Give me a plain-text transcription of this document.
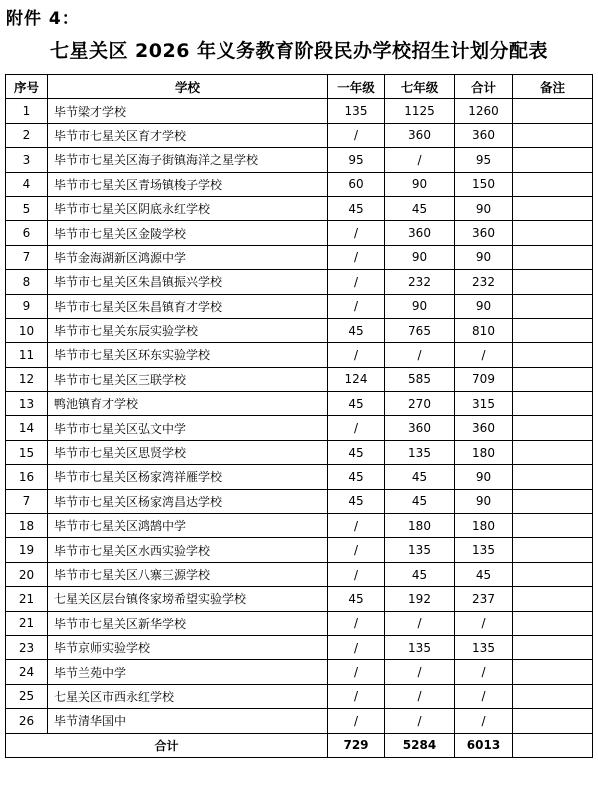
附件 4：
七星关区 2026 年义务教育阶段民办学校招生计划分配表
序号	学校	一年级	七年级	合计	备注
1	毕节梁才学校	135	1125	1260	
2	毕节市七星关区育才学校	/	360	360	
3	毕节市七星关区海子街镇海洋之星学校	95	/	95	
4	毕节市七星关区青场镇梭子学校	60	90	150	
5	毕节市七星关区阴底永红学校	45	45	90	
6	毕节市七星关区金陵学校	/	360	360	
7	毕节金海湖新区鸿源中学	/	90	90	
8	毕节市七星关区朱昌镇振兴学校	/	232	232	
9	毕节市七星关区朱昌镇育才学校	/	90	90	
10	毕节市七星关东辰实验学校	45	765	810	
11	毕节市七星关区环东实验学校	/	/	/	
12	毕节市七星关区三联学校	124	585	709	
13	鸭池镇育才学校	45	270	315	
14	毕节市七星关区弘文中学	/	360	360	
15	毕节市七星关区思贤学校	45	135	180	
16	毕节市七星关区杨家湾祥雁学校	45	45	90	
7	毕节市七星关区杨家湾昌达学校	45	45	90	
18	毕节市七星关区鸿鹄中学	/	180	180	
19	毕节市七星关区水西实验学校	/	135	135	
20	毕节市七星关区八寨三源学校	/	45	45	
21	七星关区层台镇佟家塝希望实验学校	45	192	237	
21	毕节市七星关区新华学校	/	/	/	
23	毕节京师实验学校	/	135	135	
24	毕节兰苑中学	/	/	/	
25	七星关区市西永红学校	/	/	/	
26	毕节清华国中	/	/	/	
合计		729	5284	6013	
